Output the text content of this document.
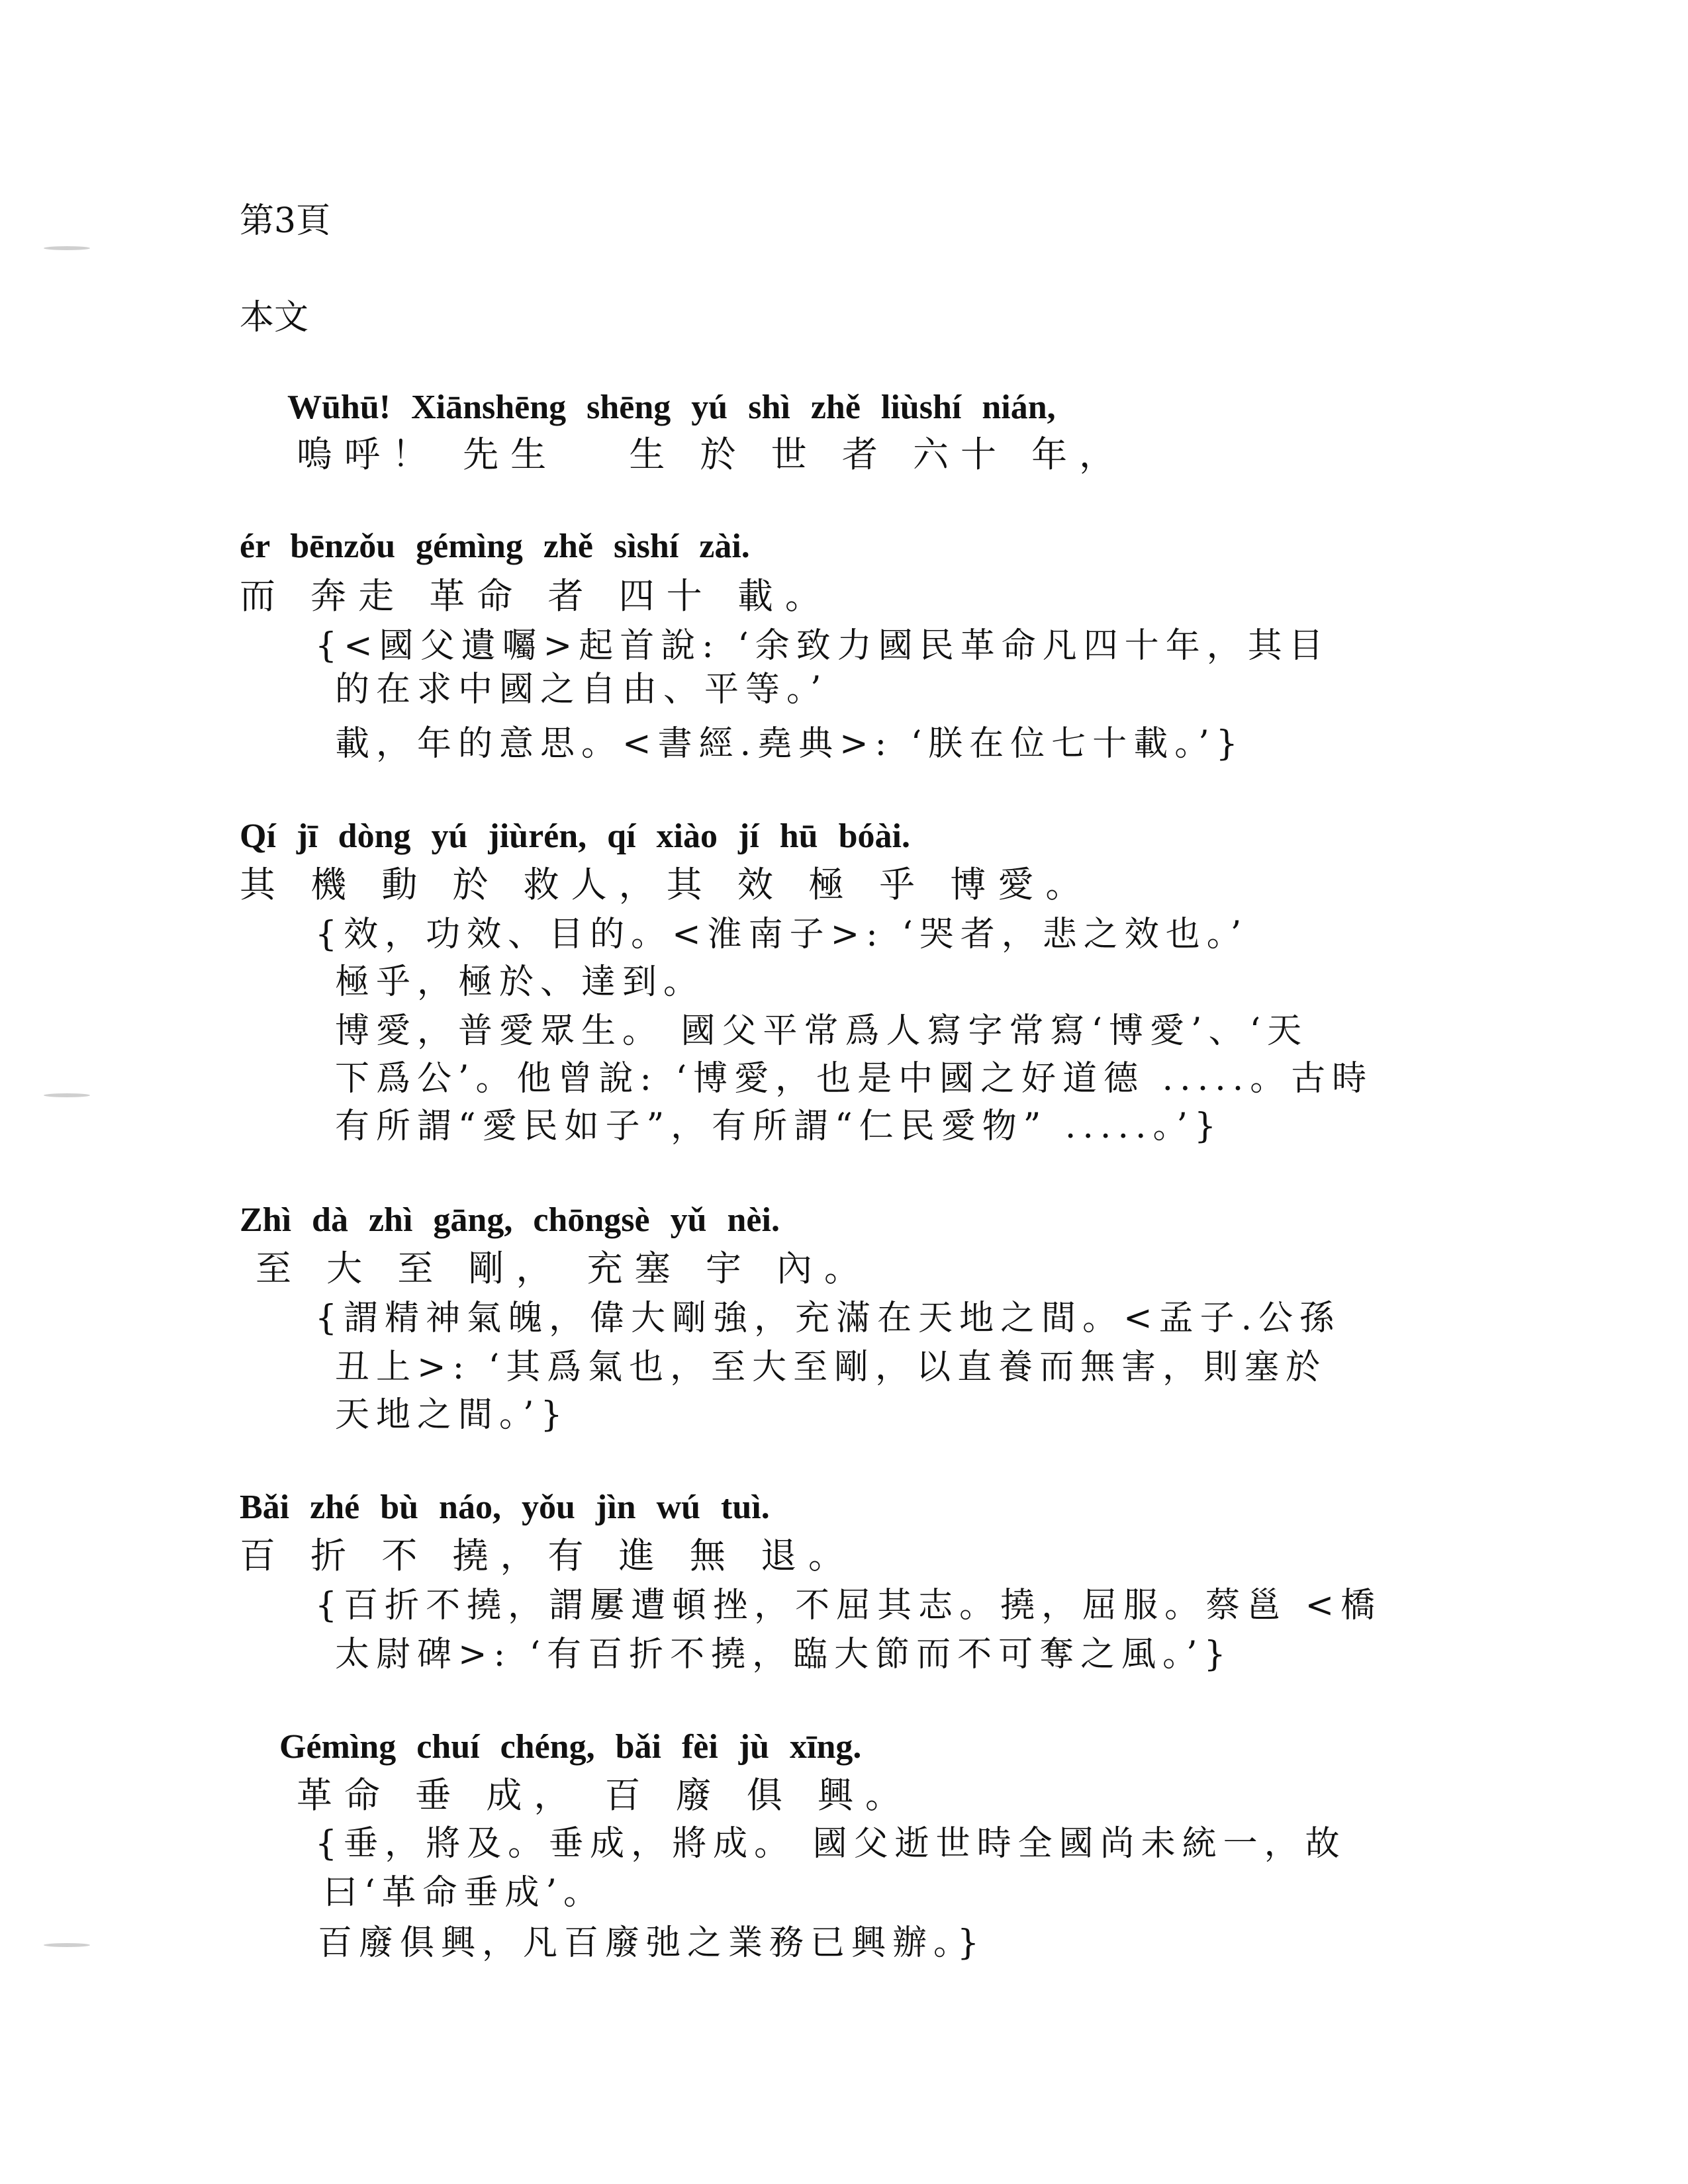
第3頁
本文
Wūhū! Xiānshēng shēng yú shì zhě liùshí nián,
嗚呼！ 先生　 生 於 世 者 六十 年，
ér bēnzǒu gémìng zhě sìshí zài.
而 奔走 革命 者 四十 載。
{<國父遺囑>起首說: ‘余致力國民革命凡四十年，其目
的在求中國之自由、平等。’
載，年的意思。<書經.堯典>: ‘朕在位七十載。’}
Qí jī dòng yú jiùrén, qí xiào jí hū bóài.
其 機 動 於 救人，其 效 極 乎 博愛。
{效，功效、目的。<淮南子>: ‘哭者，悲之效也。’
極乎，極於、達到。
博愛，普愛眾生。 國父平常爲人寫字常寫‘博愛’、‘天
下爲公’。他曾說: ‘博愛，也是中國之好道德 .....。古時
有所謂“愛民如子”，有所謂“仁民愛物” .....。’}
Zhì dà zhì gāng, chōngsè yǔ nèi.
至 大 至 剛， 充塞 宇 內。
{謂精神氣魄，偉大剛強，充滿在天地之間。<孟子.公孫
丑上>: ‘其爲氣也，至大至剛，以直養而無害，則塞於
天地之間。’}
Bǎi zhé bù náo, yǒu jìn wú tuì.
百 折 不 撓，有 進 無 退。
{百折不撓，謂屢遭頓挫，不屈其志。撓，屈服。蔡邕 <橋
太尉碑>: ‘有百折不撓，臨大節而不可奪之風。’}
Gémìng chuí chéng, bǎi fèi jù xīng.
革命 垂 成， 百 廢 俱 興。
{垂，將及。垂成，將成。 國父逝世時全國尚未統一，故
曰‘革命垂成’。
百廢俱興，凡百廢弛之業務已興辦。}
